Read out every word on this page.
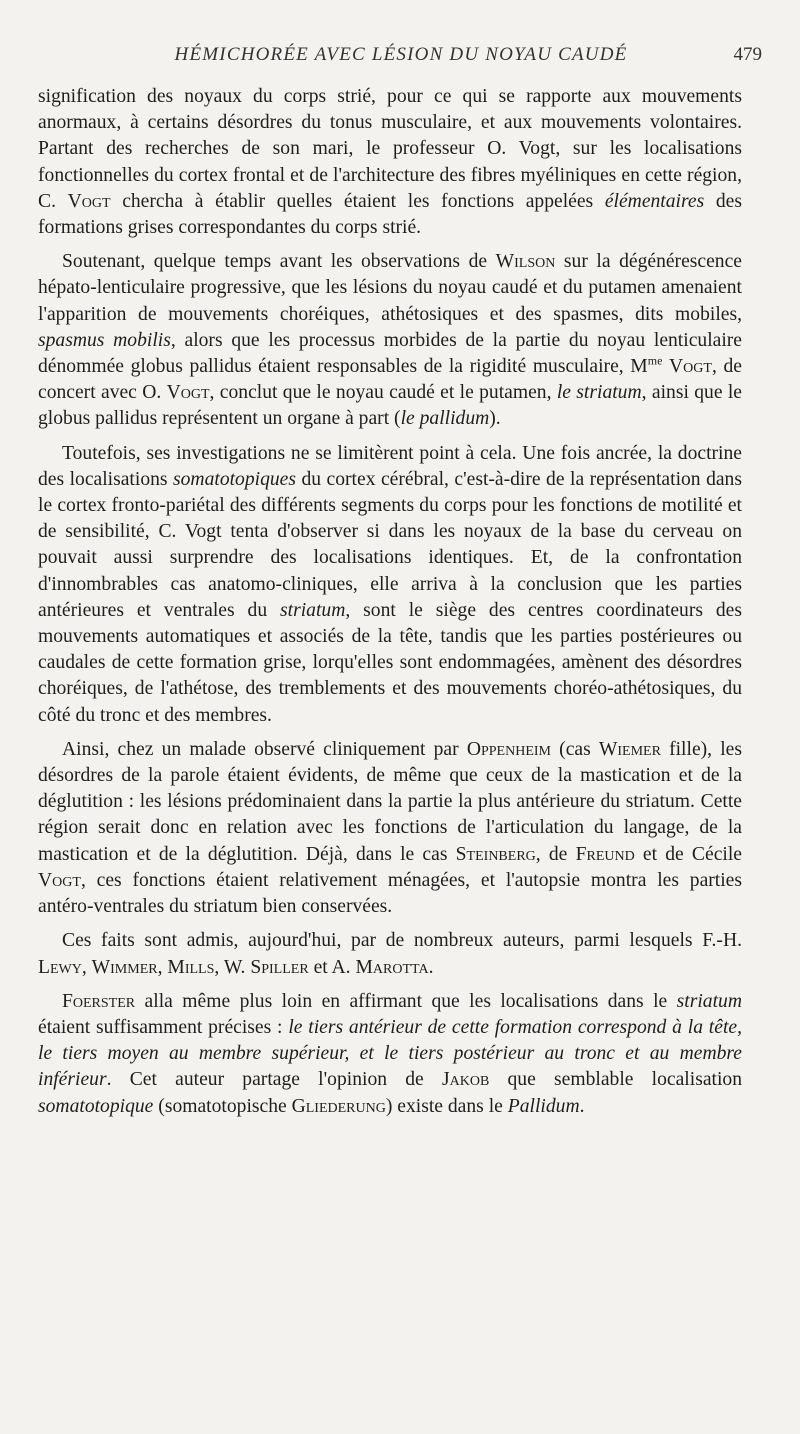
HÉMICHORÉE AVEC LÉSION DU NOYAU CAUDÉ	479

signification des noyaux du corps strié, pour ce qui se rapporte aux mouvements anormaux, à certains désordres du tonus musculaire, et aux mouvements volontaires. Partant des recherches de son mari, le professeur O. Vogt, sur les localisations fonctionnelles du cortex frontal et de l'architecture des fibres myéliniques en cette région, C. Vogt chercha à établir quelles étaient les fonctions appelées élémentaires des formations grises correspondantes du corps strié.

Soutenant, quelque temps avant les observations de Wilson sur la dégénérescence hépato-lenticulaire progressive, que les lésions du noyau caudé et du putamen amenaient l'apparition de mouvements choréiques, athétosiques et des spasmes, dits mobiles, spasmus mobilis, alors que les processus morbides de la partie du noyau lenticulaire dénommée globus pallidus étaient responsables de la rigidité musculaire, $M^{me}$ Vogt, de concert avec O. Vogt, conclut que le noyau caudé et le putamen, le striatum, ainsi que le globus pallidus représentent un organe à part (le pallidum).

Toutefois, ses investigations ne se limitèrent point à cela. Une fois ancrée, la doctrine des localisations somatotopiques du cortex cérébral, c'est-à-dire de la représentation dans le cortex fronto-pariétal des différents segments du corps pour les fonctions de motilité et de sensibilité, C. Vogt tenta d'observer si dans les noyaux de la base du cerveau on pouvait aussi surprendre des localisations identiques. Et, de la confrontation d'innombrables cas anatomo-cliniques, elle arriva à la conclusion que les parties antérieures et ventrales du striatum, sont le siège des centres coordinateurs des mouvements automatiques et associés de la tête, tandis que les parties postérieures ou caudales de cette formation grise, lorqu'elles sont endommagées, amènent des désordres choréiques, de l'athétose, des tremblements et des mouvements choréo-athétosiques, du côté du tronc et des membres.

Ainsi, chez un malade observé cliniquement par Oppenheim (cas Wiemer fille), les désordres de la parole étaient évidents, de même que ceux de la mastication et de la déglutition : les lésions prédominaient dans la partie la plus antérieure du striatum. Cette région serait donc en relation avec les fonctions de l'articulation du langage, de la mastication et de la déglutition. Déjà, dans le cas Steinberg, de Freund et de Cécile Vogt, ces fonctions étaient relativement ménagées, et l'autopsie montra les parties antéro-ventrales du striatum bien conservées.

Ces faits sont admis, aujourd'hui, par de nombreux auteurs, parmi lesquels F.-H. Lewy, Wimmer, Mills, W. Spiller et A. Marotta.

Foerster alla même plus loin en affirmant que les localisations dans le striatum étaient suffisamment précises : le tiers antérieur de cette formation correspond à la tête, le tiers moyen au membre supérieur, et le tiers postérieur au tronc et au membre inférieur. Cet auteur partage l'opinion de Jakob que semblable localisation somatotopique (somatotopische Gliederung) existe dans le Pallidum.
